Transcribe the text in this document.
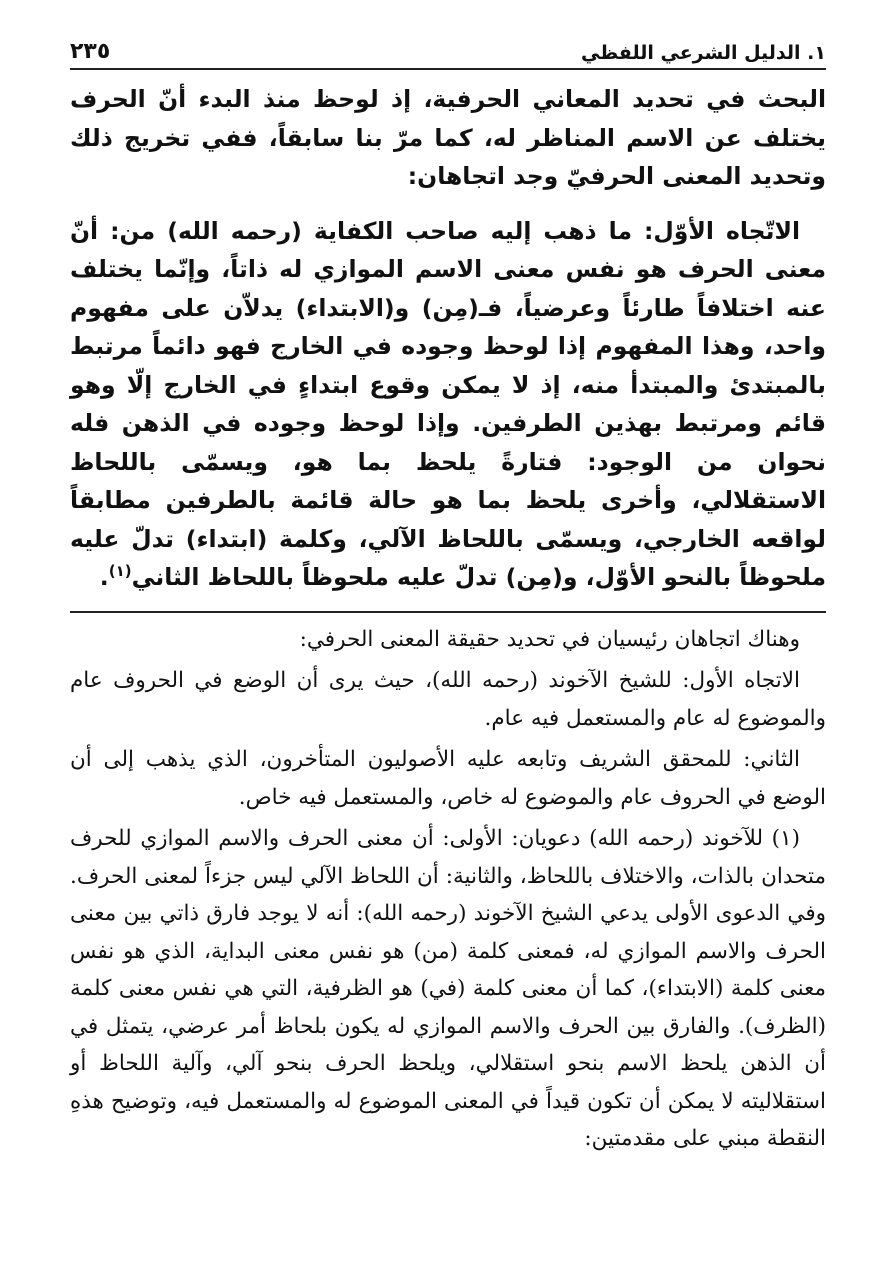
١. الدليل الشرعي اللفظي
٢٣٥

البحث في تحديد المعاني الحرفية، إذ لوحظ منذ البدء أنّ الحرف يختلف عن الاسم المناظر له، كما مرّ بنا سابقاً، ففي تخريج ذلك وتحديد المعنى الحرفيّ وجد اتجاهان:

الاتّجاه الأوّل: ما ذهب إليه صاحب الكفاية (رحمه الله) من: أنّ معنى الحرف هو نفس معنى الاسم الموازي له ذاتاً، وإنّما يختلف عنه اختلافاً طارئاً وعرضياً، فـ(مِن) و(الابتداء) يدلاّن على مفهوم واحد، وهذا المفهوم إذا لوحظ وجوده في الخارج فهو دائماً مرتبط بالمبتدئ والمبتدأ منه، إذ لا يمكن وقوع ابتداءٍ في الخارج إلّا وهو قائم ومرتبط بهذين الطرفين. وإذا لوحظ وجوده في الذهن فله نحوان من الوجود: فتارةً يلحظ بما هو، ويسمّى باللحاظ الاستقلالي، وأخرى يلحظ بما هو حالة قائمة بالطرفين مطابقاً لواقعه الخارجي، ويسمّى باللحاظ الآلي، وكلمة (ابتداء) تدلّ عليه ملحوظاً بالنحو الأوّل، و(مِن) تدلّ عليه ملحوظاً باللحاظ الثاني$^{(١)}$.

وهناك اتجاهان رئيسيان في تحديد حقيقة المعنى الحرفي:

الاتجاه الأول: للشيخ الآخوند (رحمه الله)، حيث يرى أن الوضع في الحروف عام والموضوع له عام والمستعمل فيه عام.

الثاني: للمحقق الشريف وتابعه عليه الأصوليون المتأخرون، الذي يذهب إلى أن الوضع في الحروف عام والموضوع له خاص، والمستعمل فيه خاص.

(١) للآخوند (رحمه الله) دعويان: الأولى: أن معنى الحرف والاسم الموازي للحرف متحدان بالذات، والاختلاف باللحاظ، والثانية: أن اللحاظ الآلي ليس جزءاً لمعنى الحرف. وفي الدعوى الأولى يدعي الشيخ الآخوند (رحمه الله): أنه لا يوجد فارق ذاتي بين معنى الحرف والاسم الموازي له، فمعنى كلمة (من) هو نفس معنى البداية، الذي هو نفس معنى كلمة (الابتداء)، كما أن معنى كلمة (في) هو الظرفية، التي هي نفس معنى كلمة (الظرف). والفارق بين الحرف والاسم الموازي له يكون بلحاظ أمر عرضي، يتمثل في أن الذهن يلحظ الاسم بنحو استقلالي، ويلحظ الحرف بنحو آلي، وآلية اللحاظ أو استقلاليته لا يمكن أن تكون قيداً في المعنى الموضوع له والمستعمل فيه، وتوضيح هذهِ النقطة مبني على مقدمتين:
